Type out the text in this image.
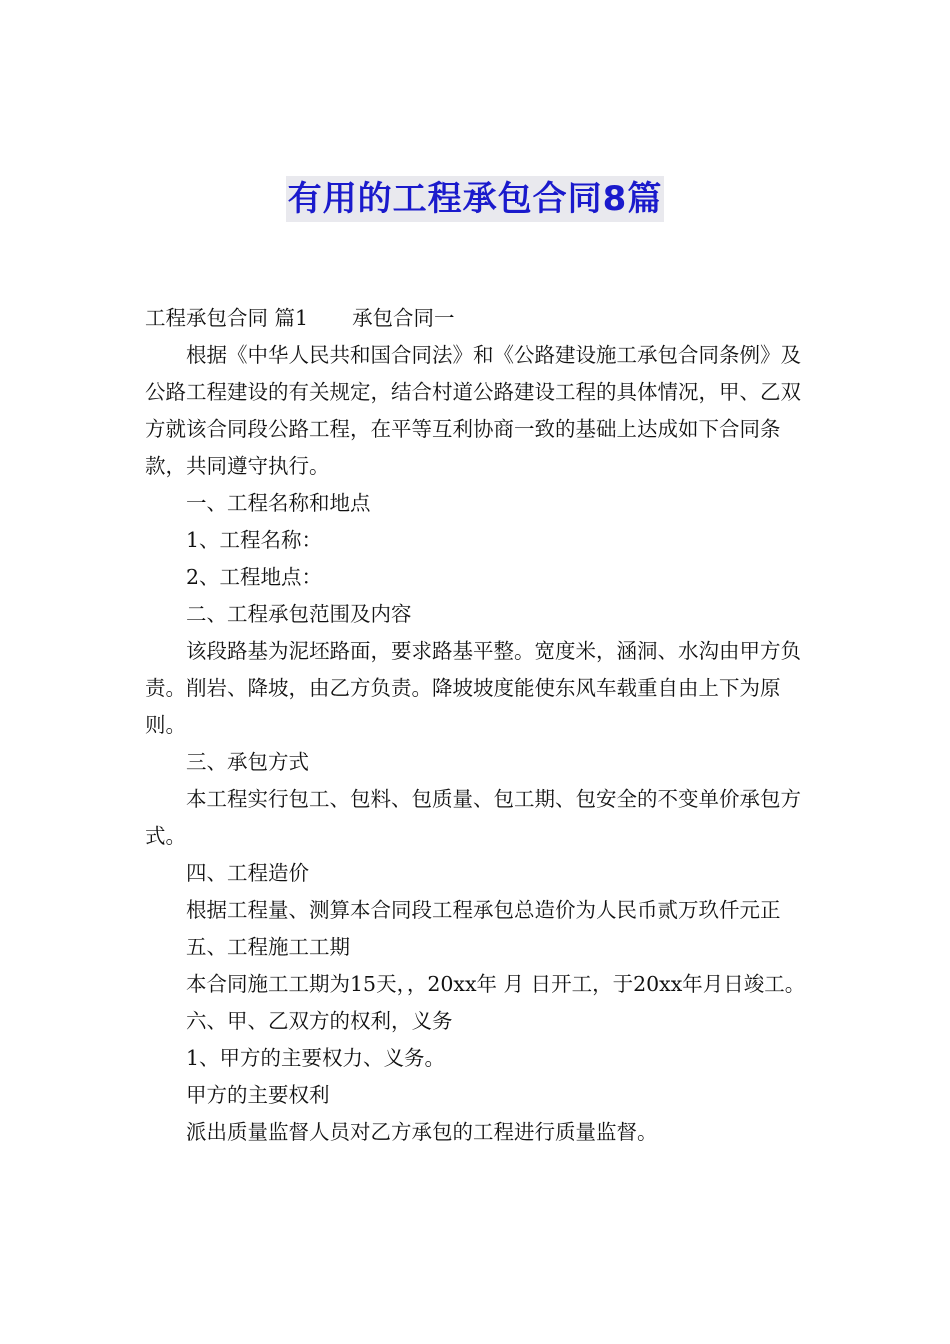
有用的工程承包合同8篇

工程承包合同 篇1 承包合同一

根据《中华人民共和国合同法》和《公路建设施工承包合同条例》及公路工程建设的有关规定，结合村道公路建设工程的具体情况，甲、乙双方就该合同段公路工程，在平等互利协商一致的基础上达成如下合同条款，共同遵守执行。

一、工程名称和地点

1、工程名称：

2、工程地点：

二、工程承包范围及内容

该段路基为泥坯路面，要求路基平整。宽度米，涵洞、水沟由甲方负责。削岩、降坡，由乙方负责。降坡坡度能使东风车载重自由上下为原则。

三、承包方式

本工程实行包工、包料、包质量、包工期、包安全的不变单价承包方式。

四、工程造价

根据工程量、测算本合同段工程承包总造价为人民币贰万玖仟元正

五、工程施工工期

本合同施工工期为15天，，20xx年 月 日开工，于20xx年月日竣工。

六、甲、乙双方的权利，义务

1、甲方的主要权力、义务。

甲方的主要权利

派出质量监督人员对乙方承包的工程进行质量监督。
